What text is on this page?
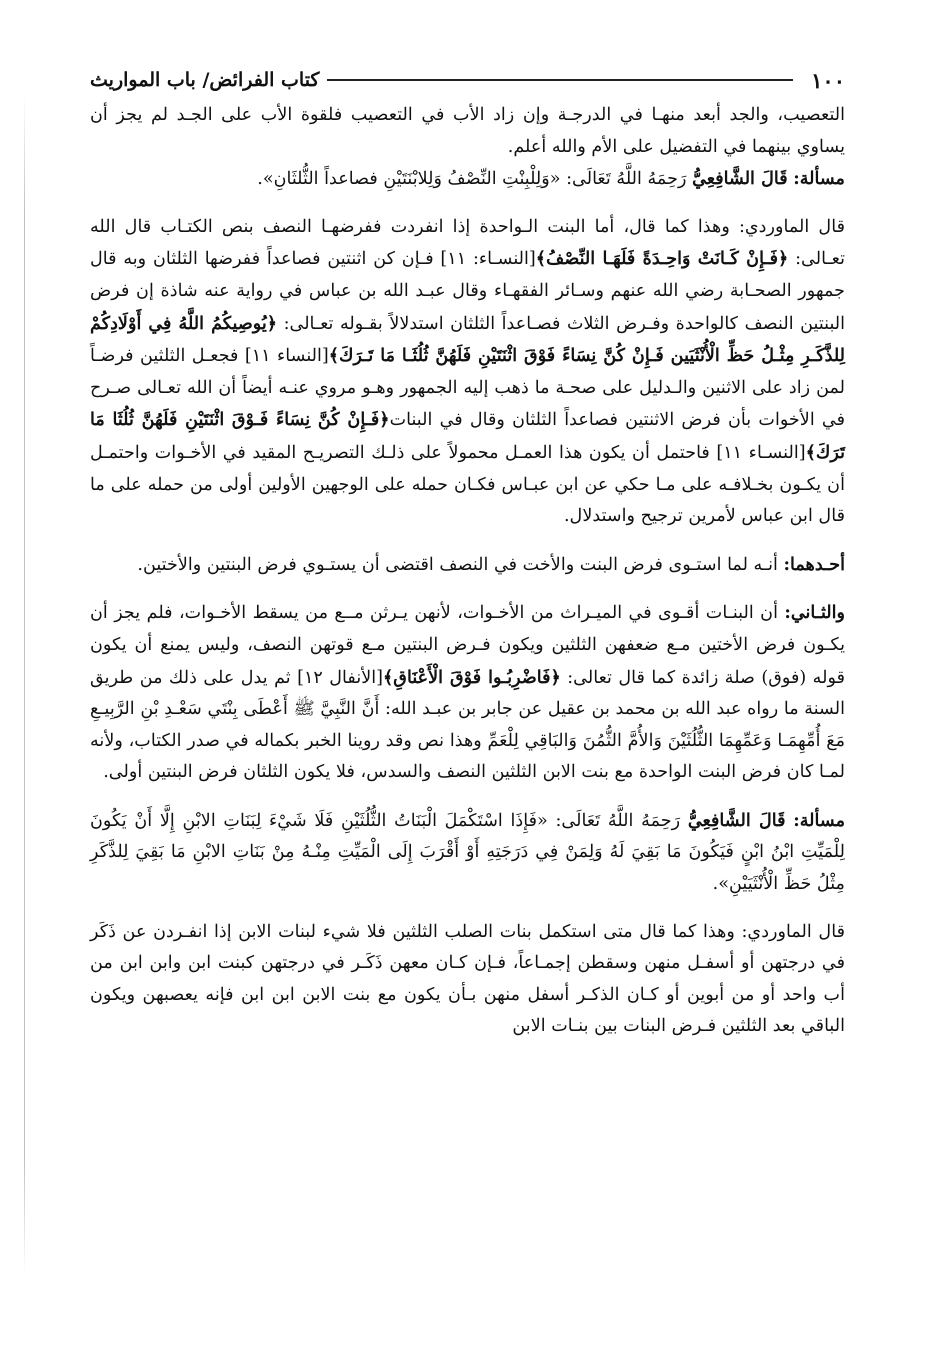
١٠٠
كتاب الفرائض/ باب المواريث

التعصيب، والجد أبعد منهـا في الدرجـة وإن زاد الأب في التعصيب فلقوة الأب على الجـد لم يجز أن يساوي بينهما في التفضيل على الأم والله أعلم.

مسألة: قَالَ الشَّافِعِيُّ رَحِمَهُ اللَّهُ تَعَالَى: «وَلِلْبِنْتِ النِّصْفُ وَلِلابْنَتَيْنِ فصاعداً الثُّلثَانِ».

قال الماوردي: وهذا كما قال، أما البنت الـواحدة إذا انفردت ففرضهـا النصف بنص الكتـاب قال الله تعـالى: ﴿فَـإِنْ كَـانَتْ وَاحِـدَةً فَلَهَـا النِّصْفُ﴾[النسـاء: ١١] فـإن كن اثنتين فصاعداً ففرضها الثلثان وبه قال جمهور الصحـابة رضي الله عنهم وسـائر الفقهـاء وقال عبـد الله بن عباس في رواية عنه شاذة إن فرض البنتين النصف كالواحدة وفـرض الثلاث فصـاعداً الثلثان استدلالاً بقـوله تعـالى: ﴿يُوصِيكُمُ اللَّهُ فِي أَوْلَادِكُمْ لِلذَّكَـرِ مِثْـلُ حَظِّ الْأُنْثَيَين فَـإِنْ كُنَّ نِسَاءً فَوْقَ اثْنَتَيْنِ فَلَهُنَّ ثُلُثَـا مَا تَـرَكَ﴾[النساء ١١] فجعـل الثلثين فرضـاً لمن زاد على الاثنين والـدليل على صحـة ما ذهب إليه الجمهور وهـو مروي عنـه أيضاً أن الله تعـالى صـرح في الأخوات بأن فرض الاثنتين فصاعداً الثلثان وقال في البنات﴿فَـإِنْ كُنَّ نِسَاءً فَـوْقَ اثْنَتَيْنِ فَلَهُنَّ ثُلُثَا مَا تَرَكَ﴾[النسـاء ١١] فاحتمل أن يكون هذا العمـل محمولاً على ذلـك التصريـح المقيد في الأخـوات واحتمـل أن يكـون بخـلافـه على مـا حكي عن ابن عبـاس فكـان حمله على الوجهين الأولين أولى من حمله على ما قال ابن عباس لأمرين ترجيح واستدلال.

أحـدهما: أنـه لما استـوى فرض البنت والأخت في النصف اقتضى أن يستـوي فرض البنتين والأختين.

والثـاني: أن البنـات أقـوى في الميـراث من الأخـوات، لأنهن يـرثن مــع من يسقط الأخـوات، فلم يجز أن يكـون فرض الأختين مـع ضعفهن الثلثين ويكون فـرض البنتين مـع قوتهن النصف، وليس يمنع أن يكون قوله (فوق) صلة زائدة كما قال تعالى: ﴿فَاضْرِبُـوا فَوْقَ الْأَعْنَاقِ﴾[الأنفال ١٢] ثم يدل على ذلك من طريق السنة ما رواه عبد الله بن محمد بن عقيل عن جابر بن عبـد الله: أَنَّ النَّبِيَّ ﷺ أَعْطَى بِنْتَي سَعْـدِ بْنِ الرَّبِيـعِ مَعَ أُمِّهِمَـا وَعَمِّهِمَا الثُّلُثَيْنَ وَالأُمَّ الثُّمُنَ وَالبَاقِي لِلْعَمِّ وهذا نص وقد روينا الخبر بكماله في صدر الكتاب، ولأنه لمـا كان فرض البنت الواحدة مع بنت الابن الثلثين النصف والسدس، فلا يكون الثلثان فرض البنتين أولى.

مسألة: قَالَ الشَّافِعِيُّ رَحِمَهُ اللَّهُ تَعَالَى: «فَإِذَا اسْتَكْمَلَ الْبَنَاتُ الثُّلُثَيْنِ فَلَا شَيْءَ لِبَنَاتِ الابْنِ إِلَّا أَنْ يَكُونَ لِلْمَيِّتِ ابْنُ ابْنٍ فَيَكُونَ مَا بَقِيَ لَهُ وَلِمَنْ فِي دَرَجَتِهِ أَوْ أَقْرَبَ إِلَى الْمَيِّتِ مِنْـهُ مِنْ بَنَاتِ الابْنِ مَا بَقِيَ لِلذَّكَرِ مِثْلُ حَظِّ الْأُنْثَيَيْنِ».

قال الماوردي: وهذا كما قال متى استكمل بنات الصلب الثلثين فلا شيء لبنات الابن إذا انفـردن عن ذَكَر في درجتهن أو أسفـل منهن وسقطن إجمـاعاً، فـإن كـان معهن ذَكَـر في درجتهن كبنت ابن وابن ابن من أب واحد أو من أبوين أو كـان الذكـر أسفل منهن بـأن يكون مع بنت الابن ابن ابن فإنه يعصبهن ويكون الباقي بعد الثلثين فـرض البنات بين بنـات الابن
